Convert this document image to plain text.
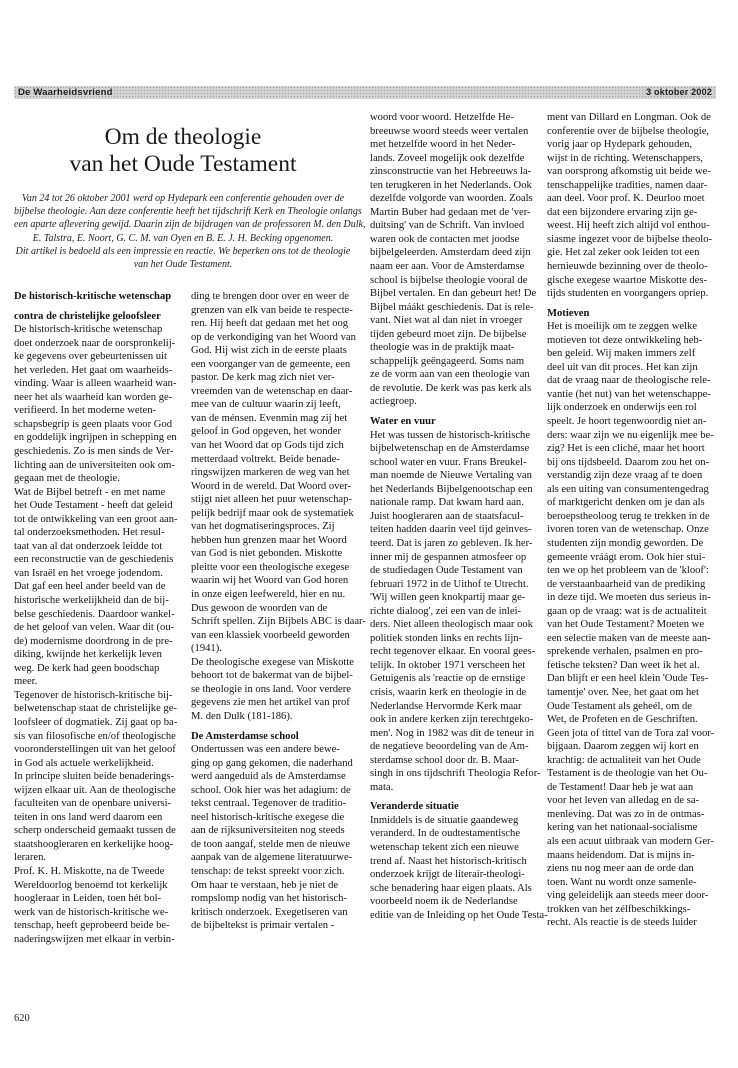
De Waarheidsvriend	3 oktober 2002
Om de theologie
van het Oude Testament
Van 24 tot 26 oktober 2001 werd op Hydepark een conferentie gehouden over de
bijbelse theologie. Aan deze conferentie heeft het tijdschrift Kerk en Theologie onlangs
een aparte aflevering gewijd. Daarin zijn de bijdragen van de professoren M. den Dulk,
E. Talstra, E. Noort, G. C. M. van Oyen en B. E. J. H. Becking opgenomen.
Dit artikel is bedoeld als een impressie en reactie. We beperken ons tot de theologie
van het Oude Testament.
De historisch-kritische wetenschap
contra de christelijke geloofsleer
De historisch-kritische wetenschap
doet onderzoek naar de oorspronkelij-
ke gegevens over gebeurtenissen uit
het verleden. Het gaat om waarheids-
vinding. Waar is alleen waarheid wan-
neer het als waarheid kan worden ge-
verifieerd. In het moderne weten-
schapsbegrip is geen plaats voor God
en goddelijk ingrijpen in schepping en
geschiedenis. Zo is men sinds de Ver-
lichting aan de universiteiten ook om-
gegaan met de theologie.
Wat de Bijbel betreft - en met name
het Oude Testament - heeft dat geleid
tot de ontwikkeling van een groot aan-
tal onderzoeksmethoden. Het resul-
taat van al dat onderzoek leidde tot
een reconstructie van de geschiedenis
van Israël en het vroege jodendom.
Dat gaf een heel ander beeld van de
historische werkelijkheid dan de bij-
belse geschiedenis. Daardoor wankel-
de het geloof van velen. Waar dit (ou-
de) modernisme doordrong in de pre-
diking, kwijnde het kerkelijk leven
weg. De kerk had geen boodschap
meer.
Tegenover de historisch-kritische bij-
belwetenschap staat de christelijke ge-
loofsleer of dogmatiek. Zij gaat op ba-
sis van filosofische en/of theologische
vooronderstellingen uit van het geloof
in God als actuele werkelijkheid.
In principe sluiten beide benaderings-
wijzen elkaar uit. Aan de theologische
faculteiten van de openbare universi-
teiten in ons land werd daarom een
scherp onderscheid gemaakt tussen de
staatshoogleraren en kerkelijke hoog-
leraren.
Prof. K. H. Miskotte, na de Tweede
Wereldoorlog benoemd tot kerkelijk
hoogleraar in Leiden, toen hét bol-
werk van de historisch-kritische we-
tenschap, heeft geprobeerd beide be-
naderingswijzen met elkaar in verbin-
ding te brengen door over en weer de
grenzen van elk van beide te respecte-
ren. Hij heeft dat gedaan met het oog
op de verkondiging van het Woord van
God. Hij wist zich in de eerste plaats
een voorganger van de gemeente, een
pastor. De kerk mag zich niet ver-
vreemden van de wetenschap en daar-
mee van de cultuur waarin zij leeft,
van de ménsen. Evenmin mag zij het
geloof in God opgeven, het wonder
van het Woord dat op Gods tijd zich
metterdaad voltrekt. Beide benade-
ringswijzen markeren de weg van het
Woord in de wereld. Dat Woord over-
stijgt niet alleen het puur wetenschap-
pelijk bedrijf maar ook de systematiek
van het dogmatiseringsproces. Zij
hebben hun grenzen maar het Woord
van God is niet gebonden. Miskotte
pleitte voor een theologische exegese
waarin wij het Woord van God horen
in onze eigen leefwereld, hier en nu.
Dus gewoon de woorden van de
Schrift spellen. Zijn Bijbels ABC is daar-
van een klassiek voorbeeld geworden
(1941).
De theologische exegese van Miskotte
behoort tot de bakermat van de bijbel-
se theologie in ons land. Voor verdere
gegevens zie men het artikel van prof
M. den Dulk (181-186).
De Amsterdamse school
Ondertussen was een andere bewe-
ging op gang gekomen, die naderhand
werd aangeduid als de Amsterdamse
school. Ook hier was het adagium: de
tekst centraal. Tegenover de traditio-
neel historisch-kritische exegese die
aan de rijksuniversiteiten nog steeds
de toon aangaf, stelde men de nieuwe
aanpak van de algemene literatuurwe-
tenschap: de tekst spreekt voor zich.
Om haar te verstaan, heb je niet de
rompslomp nodig van het historisch-
kritisch onderzoek. Exegetiseren van
de bijbeltekst is primair vertalen -
woord voor woord. Hetzelfde He-
breeuwse woord steeds weer vertalen
met hetzelfde woord in het Neder-
lands. Zoveel mogelijk ook dezelfde
zinsconstructie van het Hebreeuws la-
ten terugkeren in het Nederlands. Ook
dezelfde volgorde van woorden. Zoals
Martin Buber had gedaan met de 'ver-
duitsing' van de Schrift. Van invloed
waren ook de contacten met joodse
bijbelgeleerden. Amsterdam deed zijn
naam eer aan. Voor de Amsterdamse
school is bijbelse theologie vooral de
Bijbel vertalen. En dan gebeurt het! De
Bijbel máákt geschiedenis. Dat is rele-
vant. Niet wat al dan niet in vroeger
tijden gebeurd moet zijn. De bijbelse
theologie was in de praktijk maat-
schappelijk geëngageerd. Soms nam
ze de vorm aan van een theologie van
de revolutie. De kerk was pas kerk als
actiegroep.
Water en vuur
Het was tussen de historisch-kritische
bijbelwetenschap en de Amsterdamse
school water en vuur. Frans Breukel-
man noemde de Nieuwe Vertaling van
het Nederlands Bijbelgenootschap een
nationale ramp. Dat kwam hard aan.
Juist hoogleraren aan de staatsfacul-
teiten hadden daarin veel tijd geinves-
teerd. Dat is jaren zo gebleven. Ik her-
inner mij de gespannen atmosfeer op
de studiedagen Oude Testament van
februari 1972 in de Uithof te Utrecht.
'Wij willen geen knokpartij maar ge-
richte dialoog', zei een van de inlei-
ders. Niet alleen theologisch maar ook
politiek stonden links en rechts lijn-
recht tegenover elkaar. En vooral gees-
telijk. In oktober 1971 verscheen het
Getuigenis als 'reactie op de ernstige
crisis, waarin kerk en theologie in de
Nederlandse Hervormde Kerk maar
ook in andere kerken zijn terechtgeko-
men'. Nog in 1982 was dit de teneur in
de negatieve beoordeling van de Am-
sterdamse school door dr. B. Maar-
singh in ons tijdschrift Theologia Refor-
mata.
Veranderde situatie
Inmiddels is de situatie gaandeweg
veranderd. In de oudtestamentische
wetenschap tekent zich een nieuwe
trend af. Naast het historisch-kritisch
onderzoek krijgt de literair-theologi-
sche benadering haar eigen plaats. Als
voorbeeld noem ik de Nederlandse
editie van de Inleiding op het Oude Testa-
ment van Dillard en Longman. Ook de
conferentie over de bijbelse theologie,
vorig jaar op Hydepark gehouden,
wijst in de richting. Wetenschappers,
van oorsprong afkomstig uit beide we-
tenschappelijke tradities, namen daar-
aan deel. Voor prof. K. Deurloo moet
dat een bijzondere ervaring zijn ge-
weest. Hij heeft zich altijd vol enthou-
siasme ingezet voor de bijbelse theolo-
gie. Het zal zeker ook leiden tot een
hernieuwde bezinning over de theolo-
gische exegese waartoe Miskotte des-
tijds studenten en voorgangers opriep.
Motieven
Het is moeilijk om te zeggen welke
motieven tot deze ontwikkeling heb-
ben geleid. Wij maken immers zelf
deel uit van dit proces. Het kan zijn
dat de vraag naar de theologische rele-
vantie (het nut) van het wetenschappe-
lijk onderzoek en onderwijs een rol
speelt. Je hoort tegenwoordig niet an-
ders: waar zijn we nu eigenlijk mee be-
zig? Het is een cliché, maar het hoort
bij ons tijdsbeeld. Daarom zou het on-
verstandig zijn deze vraag af te doen
als een uiting van consumentengedrag
of marktgericht denken om je dan als
beroepstheoloog terug te trekken in de
ivoren toren van de wetenschap. Onze
studenten zijn mondig geworden. De
gemeente vráágt erom. Ook hier stui-
ten we op het probleem van de 'kloof':
de verstaanbaarheid van de prediking
in deze tijd. We moeten dus serieus in-
gaan op de vraag: wat is de actualiteit
van het Oude Testament? Moeten we
een selectie maken van de meeste aan-
sprekende verhalen, psalmen en pro-
fetische teksten? Dan weet ik het al.
Dan blijft er een heel klein 'Oude Tes-
tamentje' over. Nee, het gaat om het
Oude Testament als geheél, om de
Wet, de Profeten en de Geschriften.
Geen jota of tittel van de Tora zal voor-
bijgaan. Daarom zeggen wij kort en
krachtig: de actualiteit van het Oude
Testament is de theologie van het Ou-
de Testament! Daar heb je wat aan
voor het leven van alledag en de sa-
menleving. Dat was zo in de ontmas-
kering van het nationaal-socialisme
als een acuut uitbraak van modern Ger-
maans heidendom. Dat is mijns in-
ziens nu nog meer aan de orde dan
toen. Want nu wordt onze samenle-
ving geleidelijk aan steeds meer door-
trokken van het zélfbeschikkings-
recht. Als reactie is de steeds luider
620
